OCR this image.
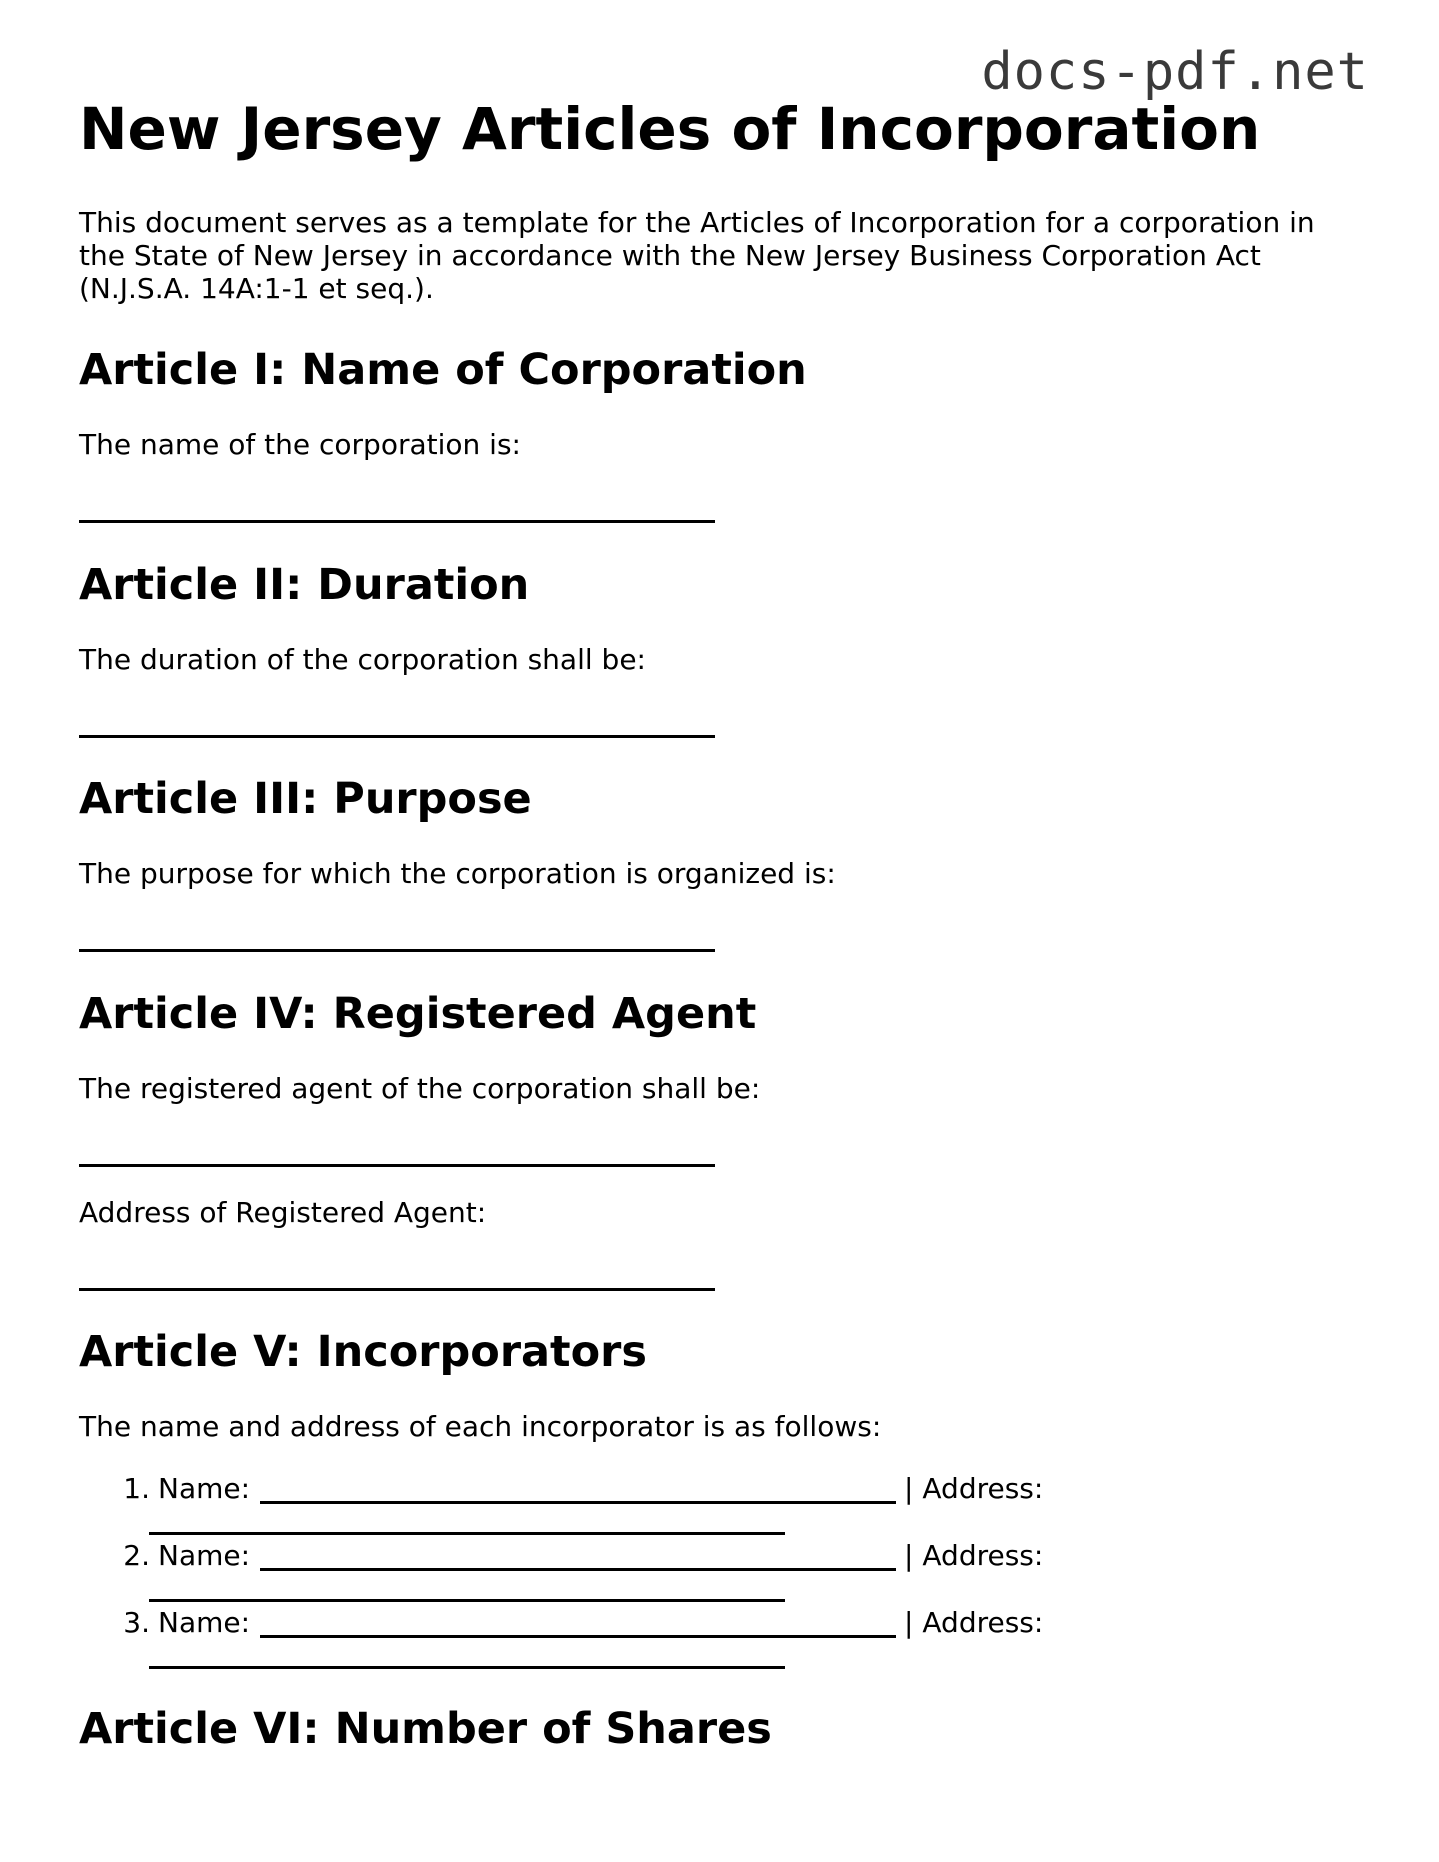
docs-pdf.net
New Jersey Articles of Incorporation

This document serves as a template for the Articles of Incorporation for a corporation in the State of New Jersey in accordance with the New Jersey Business Corporation Act (N.J.S.A. 14A:1-1 et seq.).

Article I: Name of Corporation

The name of the corporation is:

Article II: Duration

The duration of the corporation shall be:

Article III: Purpose

The purpose for which the corporation is organized is:

Article IV: Registered Agent

The registered agent of the corporation shall be:

Address of Registered Agent:

Article V: Incorporators

The name and address of each incorporator is as follows:

1. Name:	| Address:
2. Name:	| Address:
3. Name:	| Address:
Article VI: Number of Shares
